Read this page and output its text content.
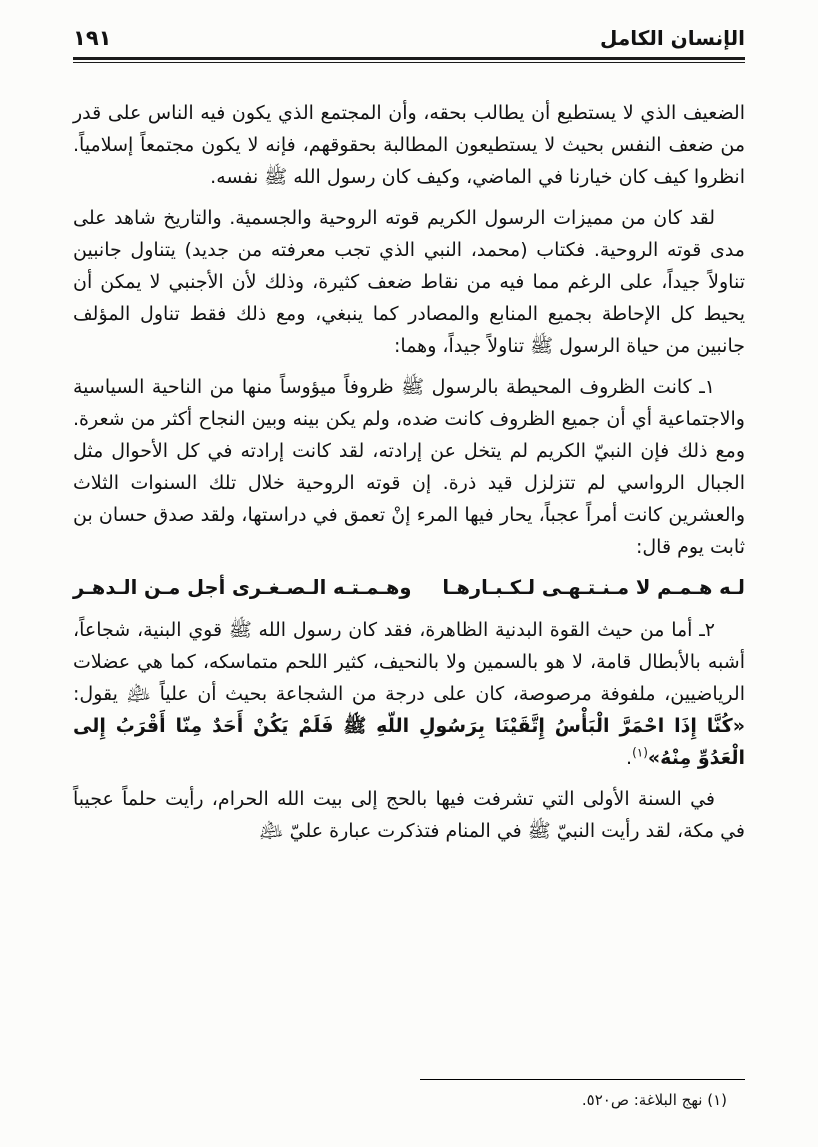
الإنسان الكامل
١٩١

الضعيف الذي لا يستطيع أن يطالب بحقه، وأن المجتمع الذي يكون فيه الناس على قدر من ضعف النفس بحيث لا يستطيعون المطالبة بحقوقهم، فإنه لا يكون مجتمعاً إسلامياً. انظروا كيف كان خيارنا في الماضي، وكيف كان رسول الله ﷺ نفسه.

لقد كان من مميزات الرسول الكريم قوته الروحية والجسمية. والتاريخ شاهد على مدى قوته الروحية. فكتاب (محمد، النبي الذي تجب معرفته من جديد) يتناول جانبين تناولاً جيداً، على الرغم مما فيه من نقاط ضعف كثيرة، وذلك لأن الأجنبي لا يمكن أن يحيط كل الإحاطة بجميع المنابع والمصادر كما ينبغي، ومع ذلك فقط تناول المؤلف جانبين من حياة الرسول ﷺ تناولاً جيداً، وهما:

١ـ كانت الظروف المحيطة بالرسول ﷺ ظروفاً ميؤوساً منها من الناحية السياسية والاجتماعية أي أن جميع الظروف كانت ضده، ولم يكن بينه وبين النجاح أكثر من شعرة. ومع ذلك فإن النبيّ الكريم لم يتخل عن إرادته، لقد كانت إرادته في كل الأحوال مثل الجبال الرواسي لم تتزلزل قيد ذرة. إن قوته الروحية خلال تلك السنوات الثلاث والعشرين كانت أمراً عجباً، يحار فيها المرء إنْ تعمق في دراستها، ولقد صدق حسان بن ثابت يوم قال:

لـه هـمـم لا مـنـتـهـى لـكـبـارهـا
وهـمـتـه الـصـغـرى أجل مـن الـدهـر

٢ـ أما من حيث القوة البدنية الظاهرة، فقد كان رسول الله ﷺ قوي البنية، شجاعاً، أشبه بالأبطال قامة، لا هو بالسمين ولا بالنحيف، كثير اللحم متماسكه، كما هي عضلات الرياضيين، ملفوفة مرصوصة، كان على درجة من الشجاعة بحيث أن علياً ﵇ يقول: «كُنَّا إِذَا احْمَرَّ الْبَأْسُ إِتَّقَيْنَا بِرَسُولِ اللّهِ ﷺ فَلَمْ يَكُنْ أَحَدٌ مِنّا أَقْرَبُ إِلى الْعَدُوِّ مِنْهُ»$^{(١)}$.

في السنة الأولى التي تشرفت فيها بالحج إلى بيت الله الحرام، رأيت حلماً عجيباً في مكة، لقد رأيت النبيّ ﷺ في المنام فتذكرت عبارة عليّ ﵇

(١) نهج البلاغة: ص٥٢٠.
